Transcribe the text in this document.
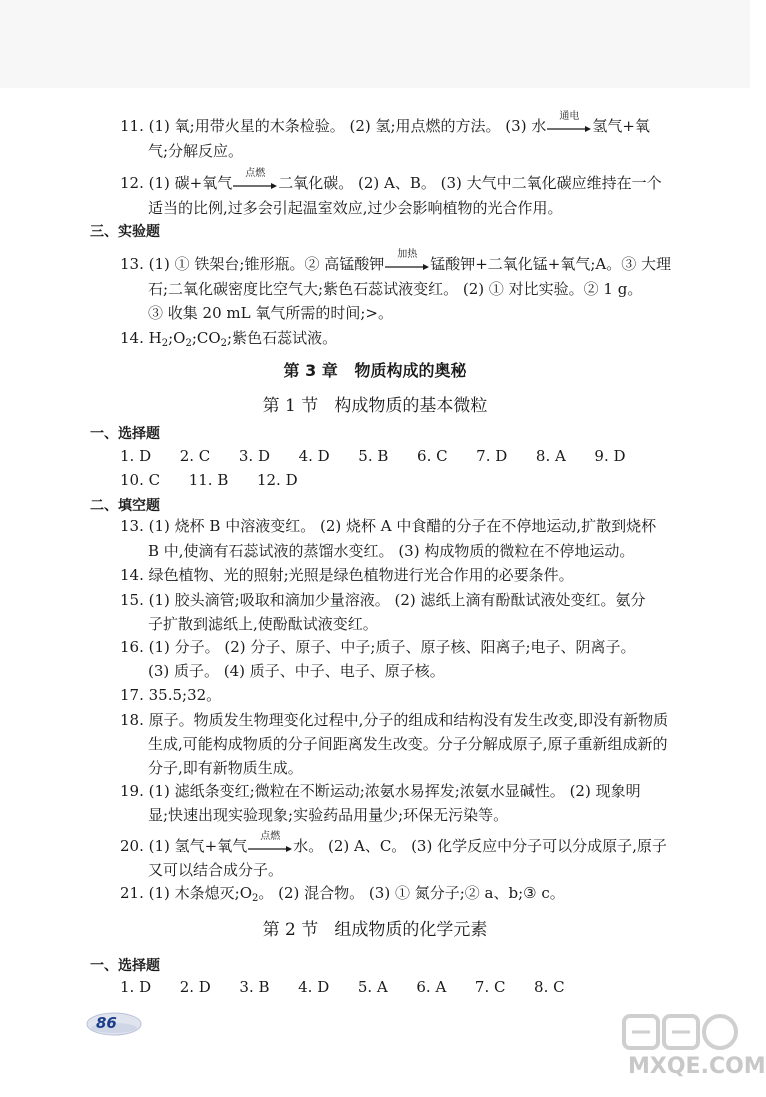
11. (1) 氧;用带火星的木条检验。 (2) 氢;用点燃的方法。 (3) 水
通电
氢气+氧
气;分解反应。
12. (1) 碳+氧气
点燃
二氧化碳。 (2) A、B。 (3) 大气中二氧化碳应维持在一个
适当的比例,过多会引起温室效应,过少会影响植物的光合作用。
三、实验题
13. (1) ① 铁架台;锥形瓶。② 高锰酸钾
加热
锰酸钾+二氧化锰+氧气;A。③ 大理
石;二氧化碳密度比空气大;紫色石蕊试液变红。 (2) ① 对比实验。② 1 g。
③ 收集 20 mL 氧气所需的时间;>。
14. $H_2;O_2;CO_2$;紫色石蕊试液。
第 3 章   物质构成的奥秘
第 1 节   构成物质的基本微粒
一、选择题
1. D      2. C      3. D      4. D      5. B      6. C      7. D      8. A      9. D
10. C      11. B      12. D
二、填空题
13. (1) 烧杯 B 中溶液变红。 (2) 烧杯 A 中食醋的分子在不停地运动,扩散到烧杯
B 中,使滴有石蕊试液的蒸馏水变红。 (3) 构成物质的微粒在不停地运动。
14. 绿色植物、光的照射;光照是绿色植物进行光合作用的必要条件。
15. (1) 胶头滴管;吸取和滴加少量溶液。 (2) 滤纸上滴有酚酞试液处变红。氨分
子扩散到滤纸上,使酚酞试液变红。
16. (1) 分子。 (2) 分子、原子、中子;质子、原子核、阳离子;电子、阴离子。
(3) 质子。 (4) 质子、中子、电子、原子核。
17. 35.5;32。
18. 原子。物质发生物理变化过程中,分子的组成和结构没有发生改变,即没有新物质
生成,可能构成物质的分子间距离发生改变。分子分解成原子,原子重新组成新的
分子,即有新物质生成。
19. (1) 滤纸条变红;微粒在不断运动;浓氨水易挥发;浓氨水显碱性。 (2) 现象明
显;快速出现实验现象;实验药品用量少;环保无污染等。
20. (1) 氢气+氧气
点燃
水。 (2) A、C。 (3) 化学反应中分子可以分成原子,原子
又可以结合成分子。
21. (1) 木条熄灭$;O_2$。 (2) 混合物。 (3) ① 氮分子;② a、b;③ c。
第 2 节   组成物质的化学元素
一、选择题
1. D      2. D      3. B      4. D      5. A      6. A      7. C      8. C
86
MXQE.COM
